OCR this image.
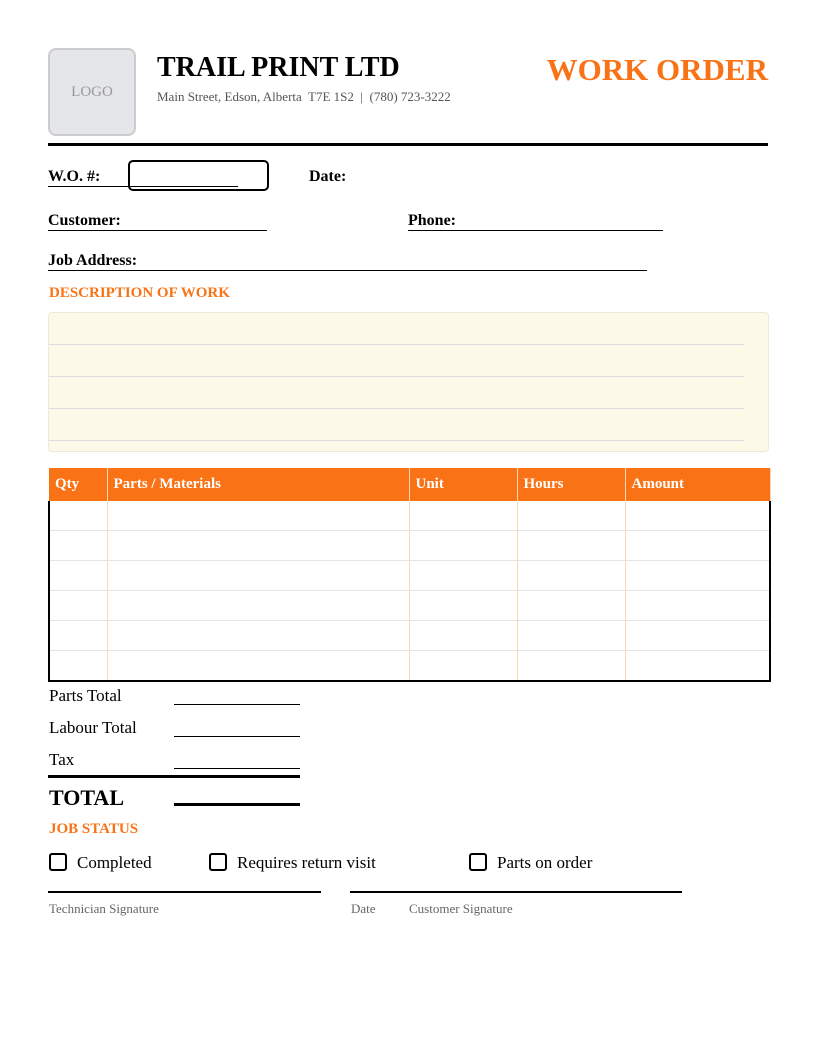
LOGO
TRAIL PRINT LTD
Main Street, Edson, Alberta  T7E 1S2  |  (780) 723-3222
WORK ORDER
W.O. #:	Date:
Customer:	Phone:
Job Address:
DESCRIPTION OF WORK
Qty	Parts / Materials	Unit	Hours	Amount

Parts Total
Labour Total
Tax
TOTAL
JOB STATUS
Completed	Requires return visit	Parts on order
Technician Signature	Date	Customer Signature
